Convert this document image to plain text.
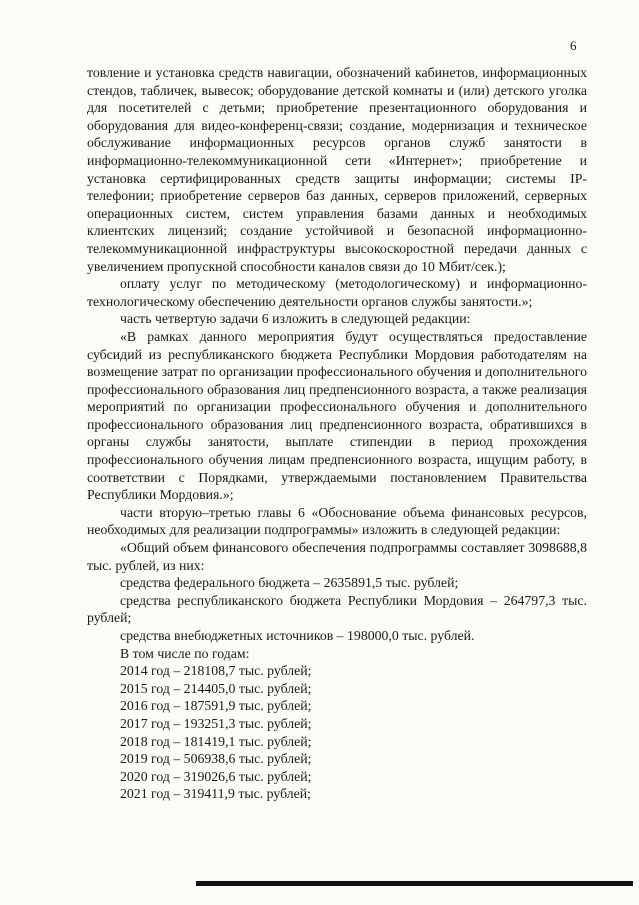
6

товление и установка средств навигации, обозначений кабинетов, информационных стендов, табличек, вывесок; оборудование детской комнаты и (или) детского уголка для посетителей с детьми; приобретение презентационного оборудования и оборудования для видео-конференц-связи; создание, модернизация и техническое обслуживание информационных ресурсов органов служб занятости в информационно-телекоммуникационной сети «Интернет»; приобретение и установка сертифицированных средств защиты информации; системы IP-телефонии; приобретение серверов баз данных, серверов приложений, серверных операционных систем, систем управления базами данных и необходимых клиентских лицензий; создание устойчивой и безопасной информационно-телекоммуникационной инфраструктуры высокоскоростной передачи данных с увеличением пропускной способности каналов связи до 10 Мбит/сек.);

оплату услуг по методическому (методологическому) и информационно-технологическому обеспечению деятельности органов службы занятости.»;

часть четвертую задачи 6 изложить в следующей редакции:

«В рамках данного мероприятия будут осуществляться предоставление субсидий из республиканского бюджета Республики Мордовия работодателям на возмещение затрат по организации профессионального обучения и дополнительного профессионального образования лиц предпенсионного возраста, а также реализация мероприятий по организации профессионального обучения и дополнительного профессионального образования лиц предпенсионного возраста, обратившихся в органы службы занятости, выплате стипендии в период прохождения профессионального обучения лицам предпенсионного возраста, ищущим работу, в соответствии с Порядками, утверждаемыми постановлением Правительства Республики Мордовия.»;

части вторую–третью главы 6 «Обоснование объема финансовых ресурсов, необходимых для реализации подпрограммы» изложить в следующей редакции:

«Общий объем финансового обеспечения подпрограммы составляет 3098688,8 тыс. рублей, из них:

средства федерального бюджета – 2635891,5 тыс. рублей;

средства республиканского бюджета Республики Мордовия – 264797,3 тыс. рублей;

средства внебюджетных источников – 198000,0 тыс. рублей.

В том числе по годам:

2014 год – 218108,7 тыс. рублей;
2015 год – 214405,0 тыс. рублей;
2016 год – 187591,9 тыс. рублей;
2017 год – 193251,3 тыс. рублей;
2018 год – 181419,1 тыс. рублей;
2019 год – 506938,6 тыс. рублей;
2020 год – 319026,6 тыс. рублей;
2021 год – 319411,9 тыс. рублей;
